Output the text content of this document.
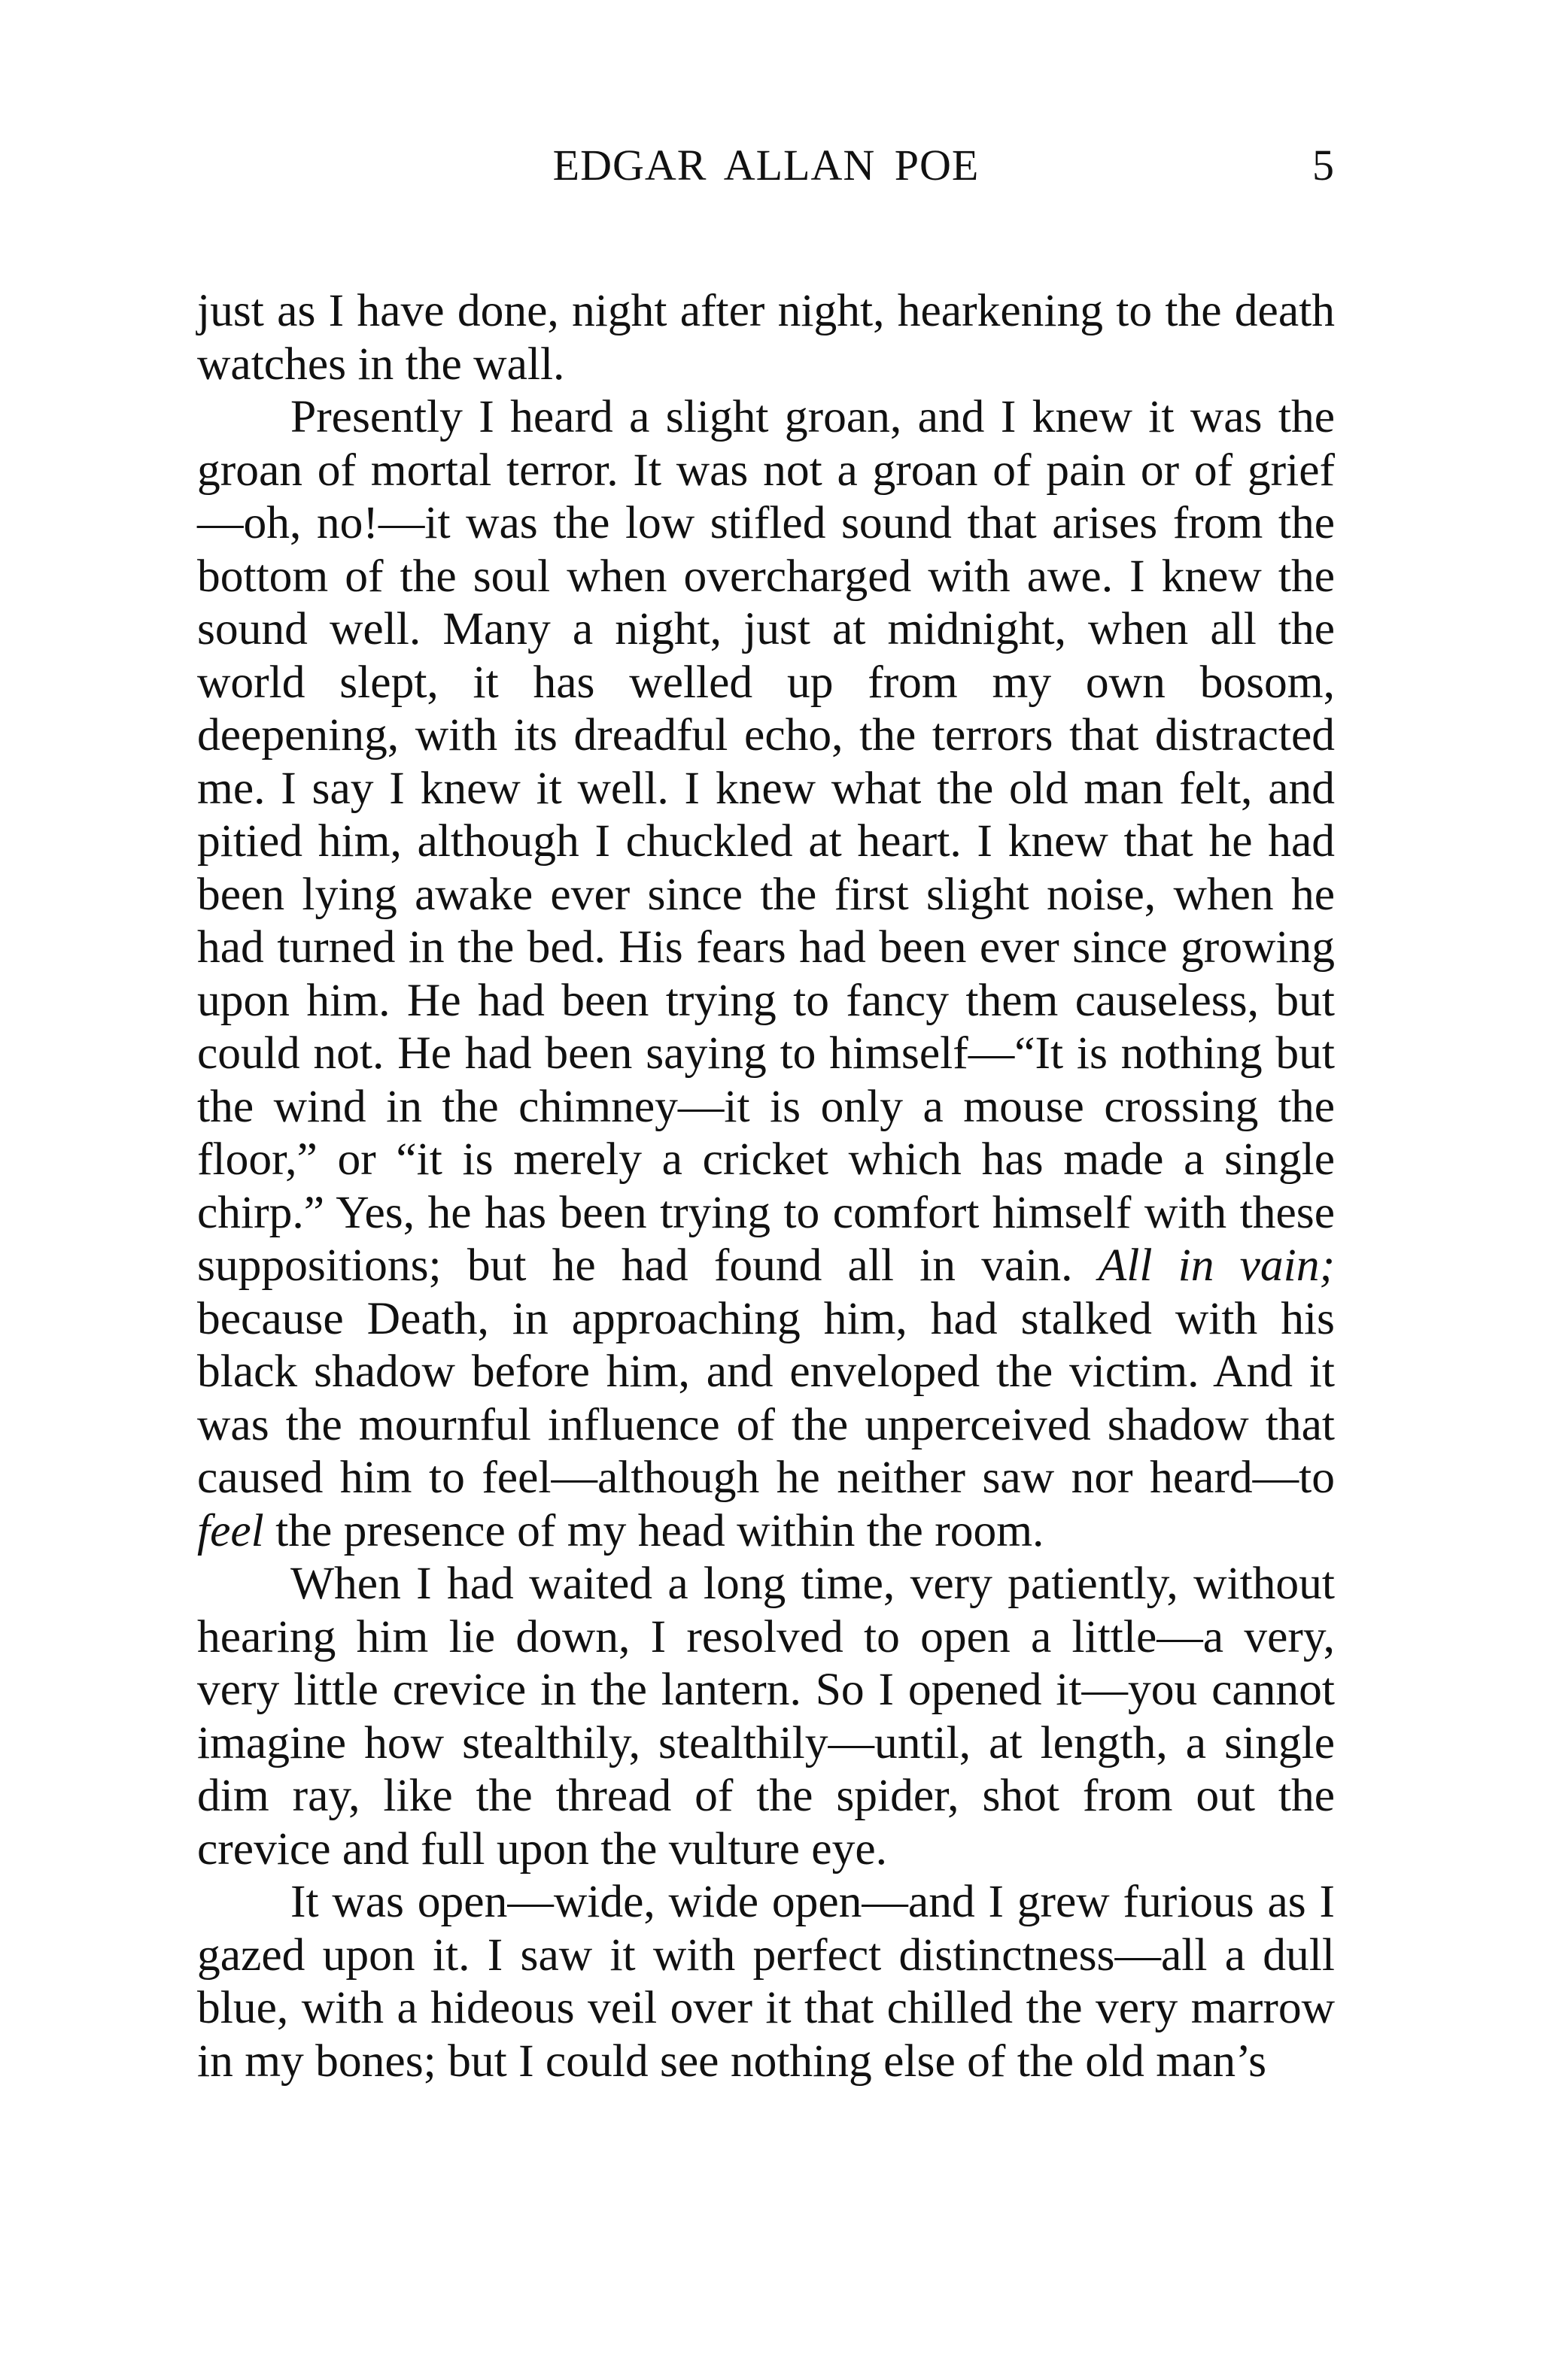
EDGAR ALLAN POE	5

just as I have done, night after night, hearkening to the death watches in the wall.

Presently I heard a slight groan, and I knew it was the groan of mortal terror. It was not a groan of pain or of grief—oh, no!—it was the low stifled sound that arises from the bottom of the soul when overcharged with awe. I knew the sound well. Many a night, just at midnight, when all the world slept, it has welled up from my own bosom, deepening, with its dreadful echo, the terrors that distracted me. I say I knew it well. I knew what the old man felt, and pitied him, although I chuckled at heart. I knew that he had been lying awake ever since the first slight noise, when he had turned in the bed. His fears had been ever since growing upon him. He had been trying to fancy them causeless, but could not. He had been saying to himself—“It is nothing but the wind in the chimney—it is only a mouse crossing the floor,” or “it is merely a cricket which has made a single chirp.” Yes, he has been trying to comfort himself with these suppositions; but he had found all in vain. All in vain; because Death, in approaching him, had stalked with his black shadow before him, and enveloped the victim. And it was the mournful influence of the unperceived shadow that caused him to feel—although he neither saw nor heard—to feel the presence of my head within the room.

When I had waited a long time, very patiently, without hearing him lie down, I resolved to open a little—a very, very little crevice in the lantern. So I opened it—you cannot imagine how stealthily, stealthily—until, at length, a single dim ray, like the thread of the spider, shot from out the crevice and full upon the vulture eye.

It was open—wide, wide open—and I grew furious as I gazed upon it. I saw it with perfect distinctness—all a dull blue, with a hideous veil over it that chilled the very marrow in my bones; but I could see nothing else of the old man’s
